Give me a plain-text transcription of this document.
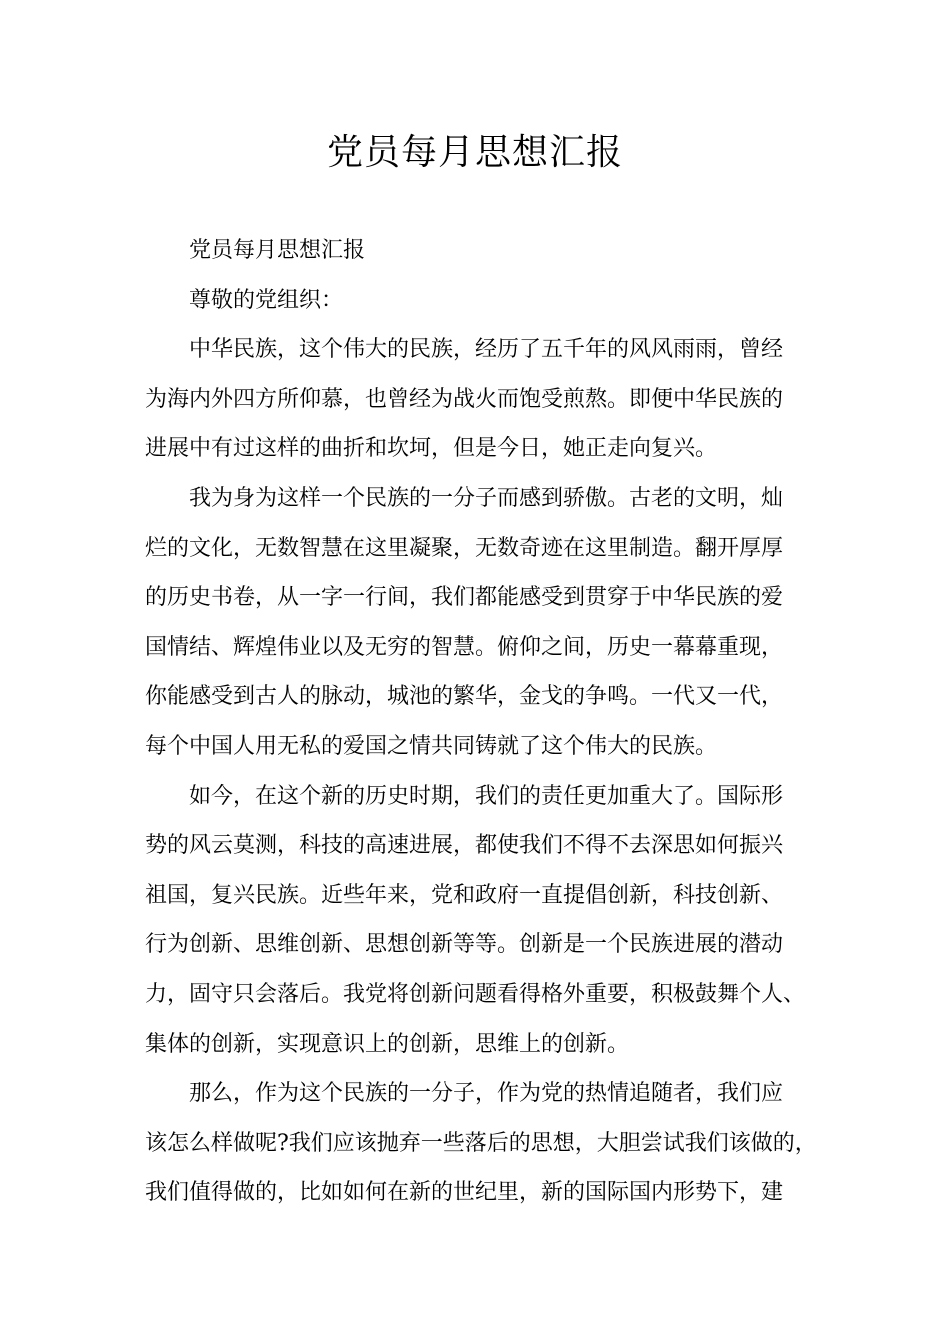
党员每月思想汇报

党员每月思想汇报

尊敬的党组织：

中华民族，这个伟大的民族，经历了五千年的风风雨雨，曾经

为海内外四方所仰慕，也曾经为战火而饱受煎熬。即便中华民族的

进展中有过这样的曲折和坎坷，但是今日，她正走向复兴。

我为身为这样一个民族的一分子而感到骄傲。古老的文明，灿

烂的文化，无数智慧在这里凝聚，无数奇迹在这里制造。翻开厚厚

的历史书卷，从一字一行间，我们都能感受到贯穿于中华民族的爱

国情结、辉煌伟业以及无穷的智慧。俯仰之间，历史一幕幕重现，

你能感受到古人的脉动，城池的繁华，金戈的争鸣。一代又一代，

每个中国人用无私的爱国之情共同铸就了这个伟大的民族。

如今，在这个新的历史时期，我们的责任更加重大了。国际形

势的风云莫测，科技的高速进展，都使我们不得不去深思如何振兴

祖国，复兴民族。近些年来，党和政府一直提倡创新，科技创新、

行为创新、思维创新、思想创新等等。创新是一个民族进展的潜动

力，固守只会落后。我党将创新问题看得格外重要，积极鼓舞个人、

集体的创新，实现意识上的创新，思维上的创新。

那么，作为这个民族的一分子，作为党的热情追随者，我们应

该怎么样做呢?我们应该抛弃一些落后的思想，大胆尝试我们该做的，

我们值得做的，比如如何在新的世纪里，新的国际国内形势下，建
